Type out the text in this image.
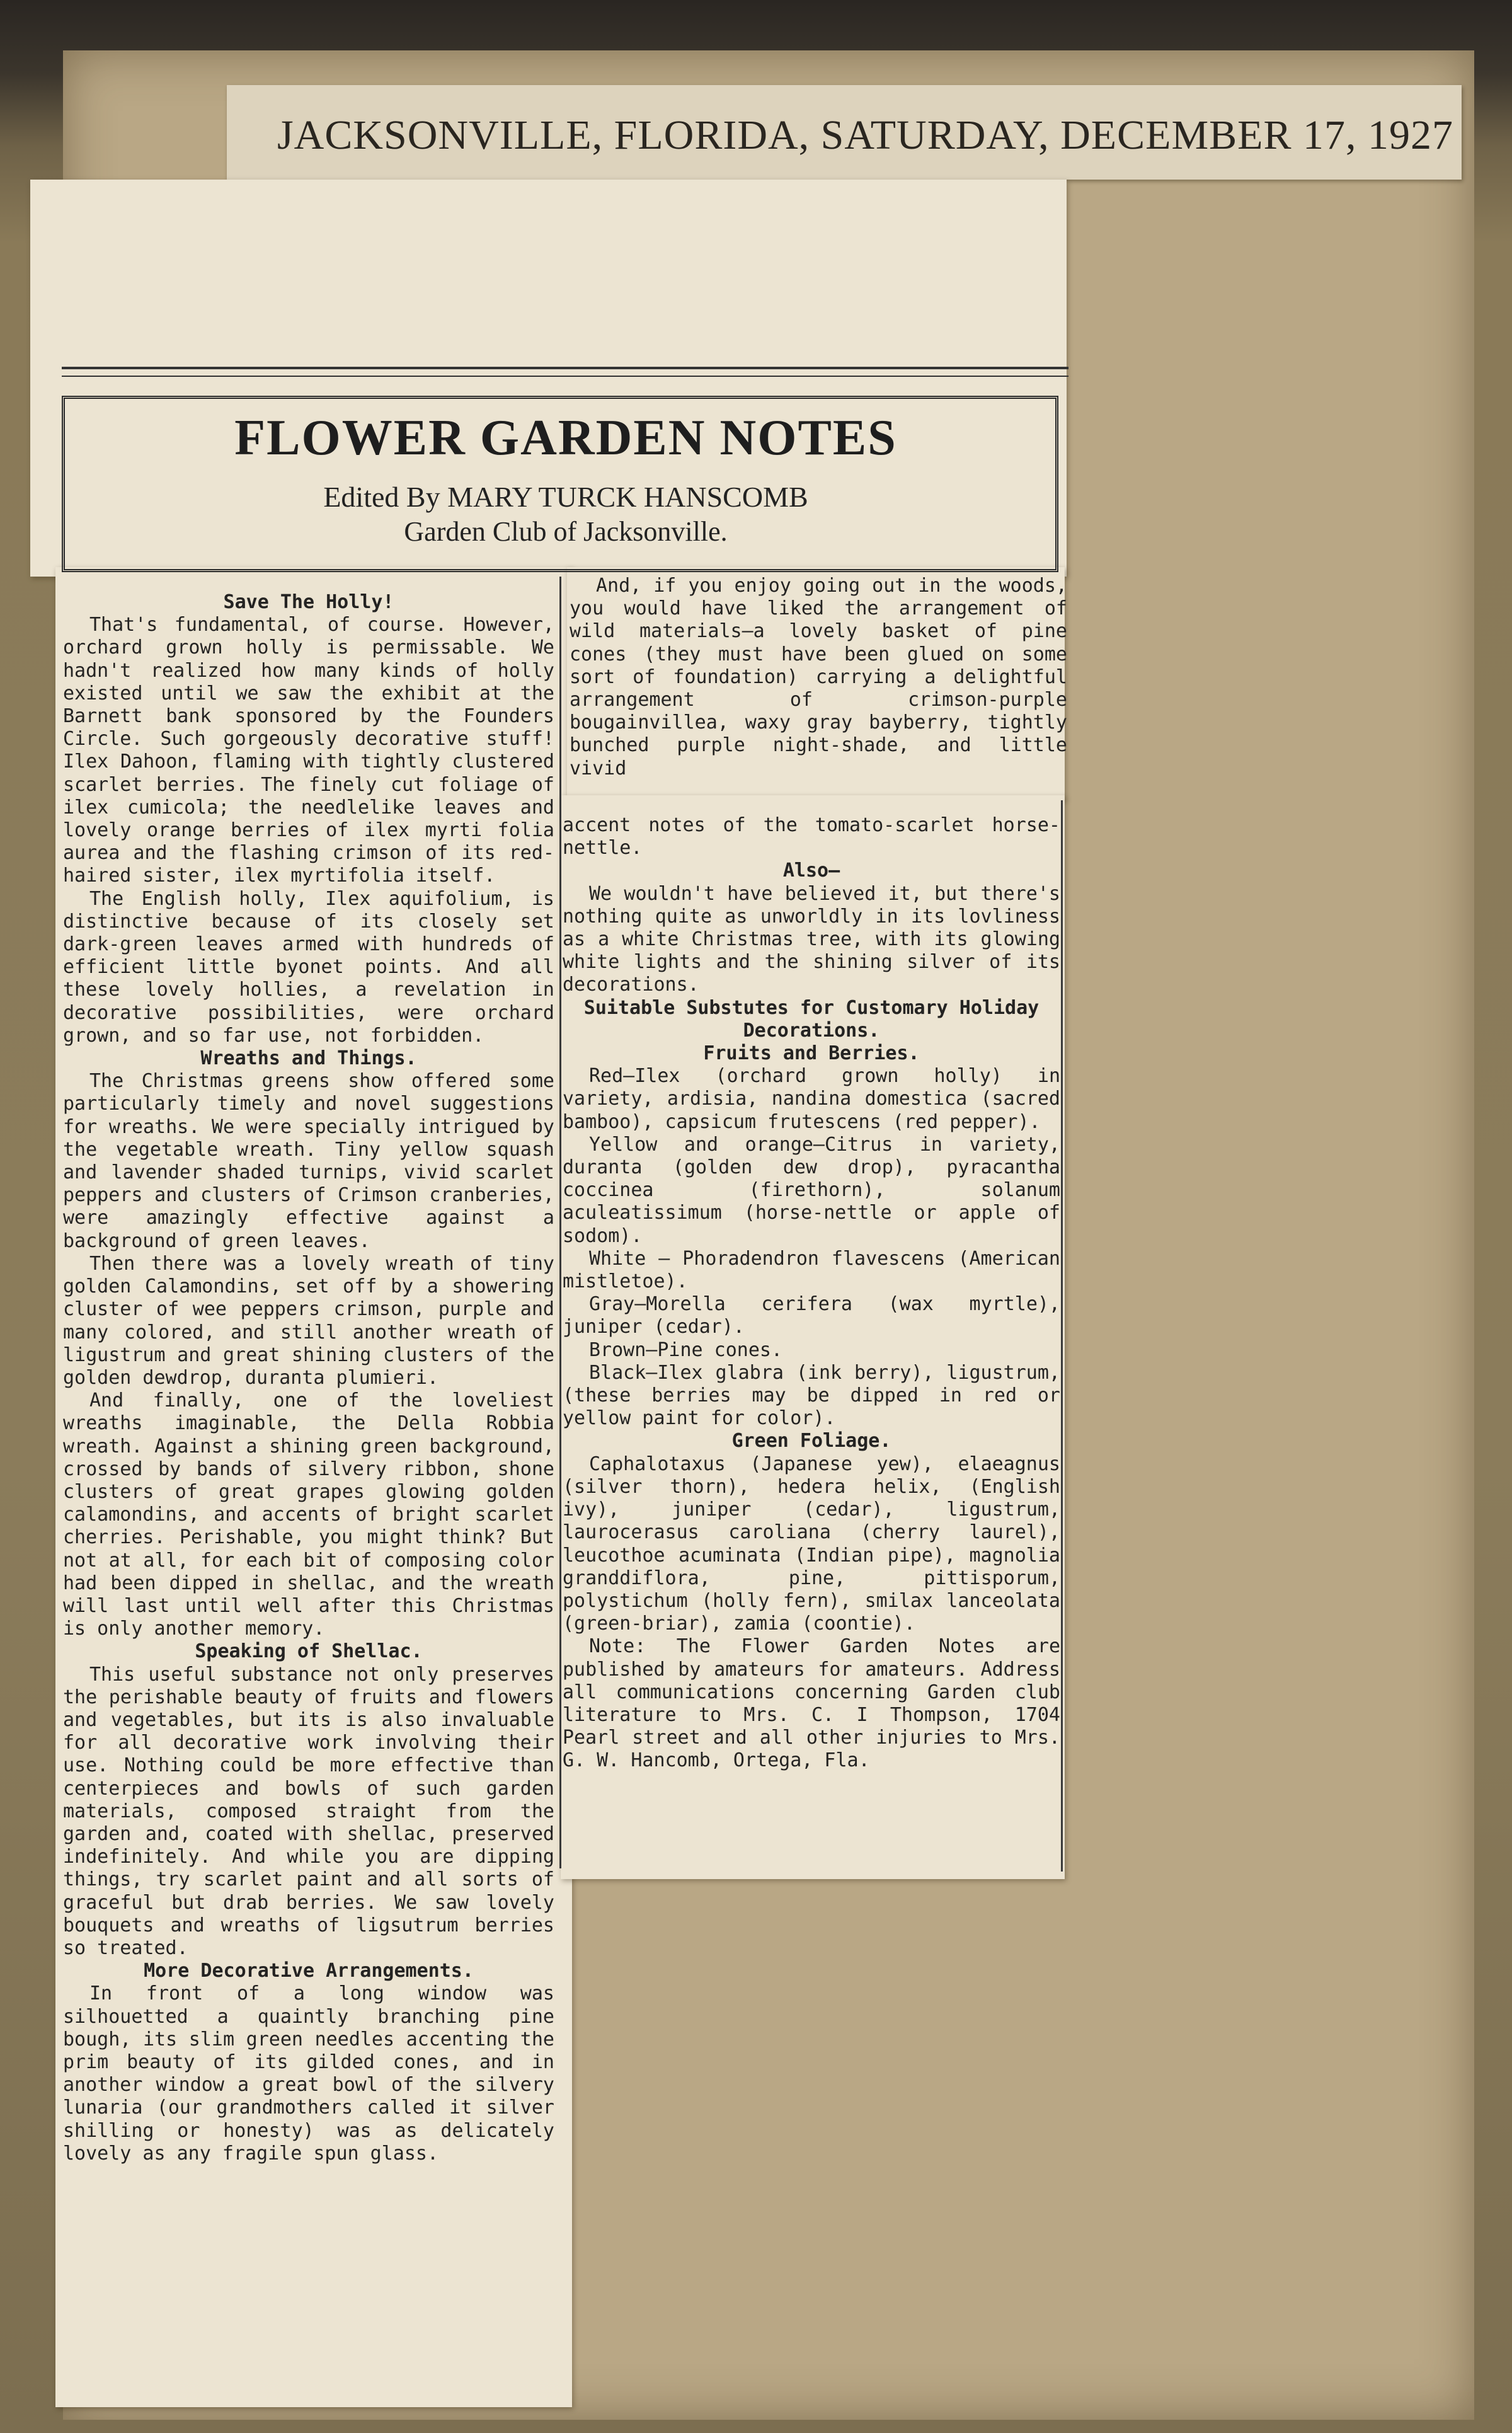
JACKSONVILLE, FLORIDA, SATURDAY, DECEMBER 17, 1927
FLOWER GARDEN NOTES
Edited By MARY TURCK HANSCOMB
Garden Club of Jacksonville.

Save The Holly!

That's fundamental, of course. However, orchard grown holly is permissable. We hadn't realized how many kinds of holly existed until we saw the exhibit at the Barnett bank sponsored by the Founders Circle. Such gorgeously decorative stuff! Ilex Dahoon, flaming with tightly clustered scarlet berries. The finely cut foliage of ilex cumicola; the needlelike leaves and lovely orange berries of ilex myrti folia aurea and the flashing crimson of its red-haired sister, ilex myrtifolia itself.

The English holly, Ilex aquifolium, is distinctive because of its closely set dark-green leaves armed with hundreds of efficient little byonet points. And all these lovely hollies, a revelation in decorative possibilities, were orchard grown, and so far use, not forbidden.

Wreaths and Things.

The Christmas greens show offered some particularly timely and novel suggestions for wreaths. We were specially intrigued by the vegetable wreath. Tiny yellow squash and lavender shaded turnips, vivid scarlet peppers and clusters of Crimson cranberies, were amazingly effective against a background of green leaves.

Then there was a lovely wreath of tiny golden Calamondins, set off by a showering cluster of wee peppers crimson, purple and many colored, and still another wreath of ligustrum and great shining clusters of the golden dewdrop, duranta plumieri.

And finally, one of the loveliest wreaths imaginable, the Della Robbia wreath. Against a shining green background, crossed by bands of silvery ribbon, shone clusters of great grapes glowing golden calamondins, and accents of bright scarlet cherries. Perishable, you might think? But not at all, for each bit of composing color had been dipped in shellac, and the wreath will last until well after this Christmas is only another memory.

Speaking of Shellac.

This useful substance not only preserves the perishable beauty of fruits and flowers and vegetables, but its is also invaluable for all decorative work involving their use. Nothing could be more effective than centerpieces and bowls of such garden materials, composed straight from the garden and, coated with shellac, preserved indefinitely. And while you are dipping things, try scarlet paint and all sorts of graceful but drab berries. We saw lovely bouquets and wreaths of ligsutrum berries so treated.

More Decorative Arrangements.

In front of a long window was silhouetted a quaintly branching pine bough, its slim green needles accenting the prim beauty of its gilded cones, and in another window a great bowl of the silvery lunaria (our grandmothers called it silver shilling or honesty) was as delicately lovely as any fragile spun glass.

And, if you enjoy going out in the woods, you would have liked the arrangement of wild materials—a lovely basket of pine cones (they must have been glued on some sort of foundation) carrying a delightful arrangement of crimson-purple bougainvillea, waxy gray bayberry, tightly bunched purple night-shade, and little vivid

accent notes of the tomato-scarlet horse-nettle.

Also—

We wouldn't have believed it, but there's nothing quite as unworldly in its lovliness as a white Christmas tree, with its glowing white lights and the shining silver of its decorations.

Suitable Substutes for Customary Holiday Decorations.

Fruits and Berries.

Red—Ilex (orchard grown holly) in variety, ardisia, nandina domestica (sacred bamboo), capsicum frutescens (red pepper).

Yellow and orange—Citrus in variety, duranta (golden dew drop), pyracantha coccinea (firethorn), solanum aculeatissimum (horse-nettle or apple of sodom).

White — Phoradendron flavescens (American mistletoe).

Gray—Morella cerifera (wax myrtle), juniper (cedar).

Brown—Pine cones.

Black—Ilex glabra (ink berry), ligustrum, (these berries may be dipped in red or yellow paint for color).

Green Foliage.

Caphalotaxus (Japanese yew), elaeagnus (silver thorn), hedera helix, (English ivy), juniper (cedar), ligustrum, laurocerasus caroliana (cherry laurel), leucothoe acuminata (Indian pipe), magnolia granddiflora, pine, pittisporum, polystichum (holly fern), smilax lanceolata (green-briar), zamia (coontie).

Note: The Flower Garden Notes are published by amateurs for amateurs. Address all communications concerning Garden club literature to Mrs. C. I Thompson, 1704 Pearl street and all other injuries to Mrs. G. W. Hancomb, Ortega, Fla.
